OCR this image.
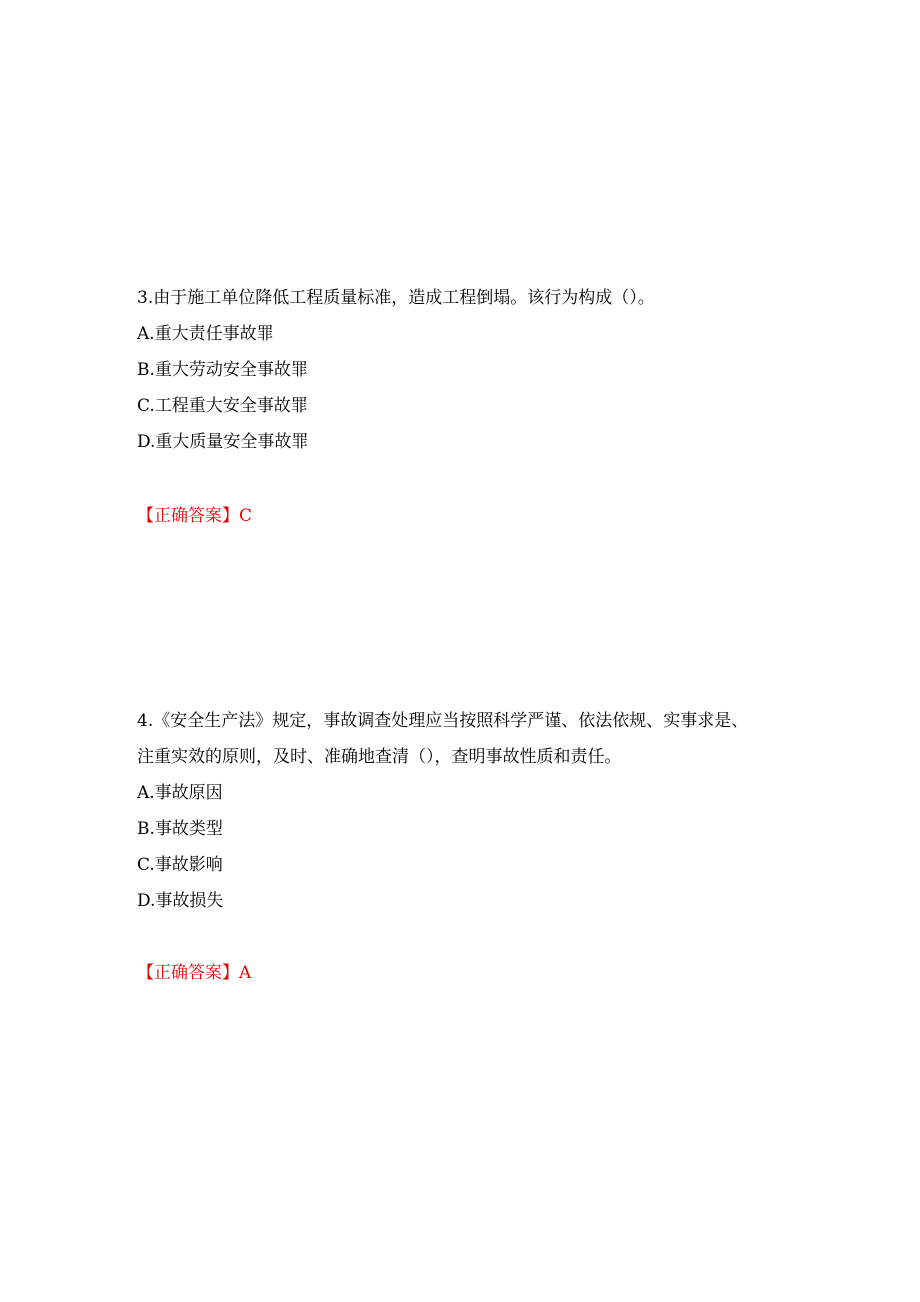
3.由于施工单位降低工程质量标准，造成工程倒塌。该行为构成（）。
A.重大责任事故罪
B.重大劳动安全事故罪
C.工程重大安全事故罪
D.重大质量安全事故罪
【正确答案】C
4.《安全生产法》规定，事故调查处理应当按照科学严谨、依法依规、实事求是、
注重实效的原则，及时、准确地查清（），查明事故性质和责任。
A.事故原因
B.事故类型
C.事故影响
D.事故损失
【正确答案】A
